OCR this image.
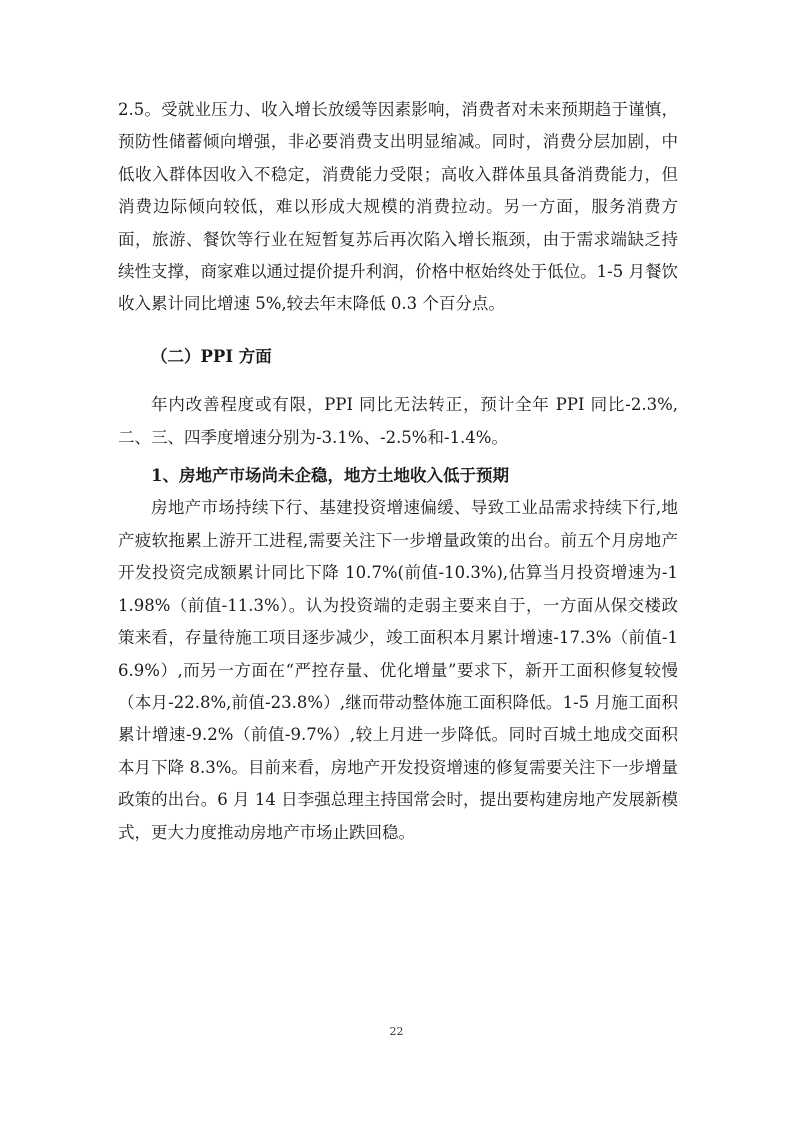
2.5。受就业压力、收入增长放缓等因素影响，消费者对未来预期趋于谨慎，预防性储蓄倾向增强，非必要消费支出明显缩减。同时，消费分层加剧，中低收入群体因收入不稳定，消费能力受限；高收入群体虽具备消费能力，但消费边际倾向较低，难以形成大规模的消费拉动。另一方面，服务消费方面，旅游、餐饮等行业在短暂复苏后再次陷入增长瓶颈，由于需求端缺乏持续性支撑，商家难以通过提价提升利润，价格中枢始终处于低位。1-5 月餐饮收入累计同比增速 5%,较去年末降低 0.3 个百分点。

（二）PPI 方面

年内改善程度或有限，PPI 同比无法转正，预计全年 PPI 同比-2.3%,二、三、四季度增速分别为-3.1%、-2.5%和-1.4%。

1、房地产市场尚未企稳，地方土地收入低于预期

房地产市场持续下行、基建投资增速偏缓、导致工业品需求持续下行,地产疲软拖累上游开工进程,需要关注下一步增量政策的出台。前五个月房地产开发投资完成额累计同比下降 10.7%(前值-10.3%),估算当月投资增速为-11.98%（前值-11.3%）。认为投资端的走弱主要来自于，一方面从保交楼政策来看，存量待施工项目逐步减少，竣工面积本月累计增速-17.3%（前值-16.9%）,而另一方面在“严控存量、优化增量”要求下，新开工面积修复较慢（本月-22.8%,前值-23.8%）,继而带动整体施工面积降低。1-5 月施工面积累计增速-9.2%（前值-9.7%）,较上月进一步降低。同时百城土地成交面积本月下降 8.3%。目前来看，房地产开发投资增速的修复需要关注下一步增量政策的出台。6 月 14 日李强总理主持国常会时，提出要构建房地产发展新模式，更大力度推动房地产市场止跌回稳。

22
